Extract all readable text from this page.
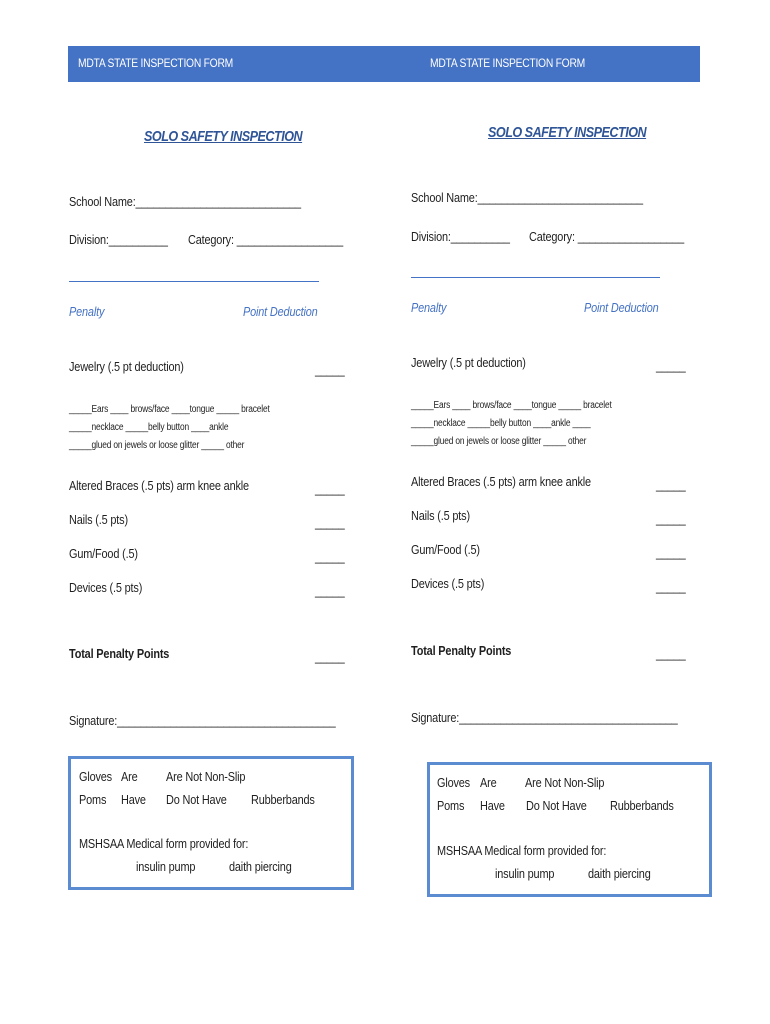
MDTA STATE INSPECTION FORM	MDTA STATE INSPECTION FORM
SOLO SAFETY INSPECTION
School Name:____________________________
Division:__________ Category: __________________
Penalty	Point Deduction
Jewelry (.5 pt deduction)	_____
_____Ears ____ brows/face ____tongue _____ bracelet
_____necklace _____belly button ____ankle
_____glued on jewels or loose glitter _____ other
Altered Braces (.5 pts) arm knee ankle	_____
Nails (.5 pts)	_____
Gum/Food (.5)	_____
Devices (.5 pts)	_____
Total Penalty Points	_____
Signature:_____________________________________
Gloves Are Are Not Non-Slip
Poms Have Do Not Have Rubberbands
MSHSAA Medical form provided for:
insulin pump	daith piercing
SOLO SAFETY INSPECTION
School Name:____________________________
Division:__________ Category: __________________
Penalty	Point Deduction
Jewelry (.5 pt deduction)	_____
_____Ears ____ brows/face ____tongue _____ bracelet
_____necklace _____belly button ____ankle ____
_____glued on jewels or loose glitter _____ other
Altered Braces (.5 pts) arm knee ankle	_____
Nails (.5 pts)	_____
Gum/Food (.5)	_____
Devices (.5 pts)	_____
Total Penalty Points	_____
Signature:_____________________________________
Gloves Are Are Not Non-Slip
Poms Have Do Not Have Rubberbands
MSHSAA Medical form provided for:
insulin pump	daith piercing
